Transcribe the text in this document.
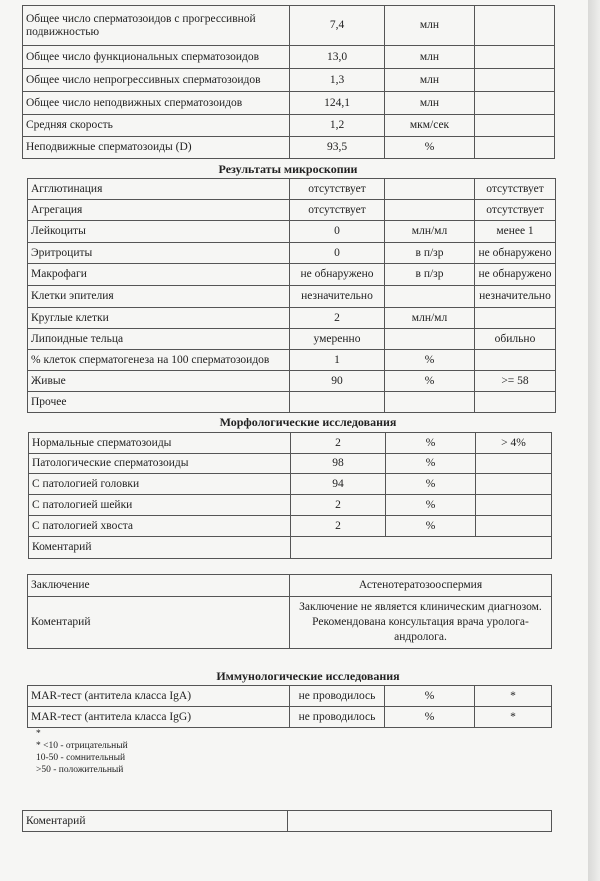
Общее число сперматозоидов с прогрессивной подвижностью	7,4	млн	
Общее число функциональных сперматозоидов	13,0	млн	
Общее число непрогрессивных сперматозоидов	1,3	млн	
Общее число неподвижных сперматозоидов	124,1	млн	
Средняя скорость	1,2	мкм/сек	
Неподвижные сперматозоиды (D)	93,5	%	
Результаты микроскопии
Агглютинация	отсутствует		отсутствует
Агрегация	отсутствует		отсутствует
Лейкоциты	0	млн/мл	менее 1
Эритроциты	0	в п/зр	не обнаружено
Макрофаги	не обнаружено	в п/зр	не обнаружено
Клетки эпителия	незначительно		незначительно
Круглые клетки	2	млн/мл	
Липоидные тельца	умеренно		обильно
% клеток сперматогенеза на 100 сперматозоидов	1	%	
Живые	90	%	>= 58
Прочее			
Морфологические исследования
Нормальные сперматозоиды	2	%	> 4%
Патологические сперматозоиды	98	%	
С патологией головки	94	%	
С патологией шейки	2	%	
С патологией хвоста	2	%	
Коментарий			
Заключение	Астенотератозооспермия
Коментарий	Заключение не является клиническим диагнозом. Рекомендована консультация врача уролога-андролога.
Иммунологические исследования
MAR-тест (антитела класса IgA)	не проводилось	%	*
MAR-тест (антитела класса IgG)	не проводилось	%	*
*
* <10 - отрицательный
10-50 - сомнительный
>50 - положительный
Коментарий	
